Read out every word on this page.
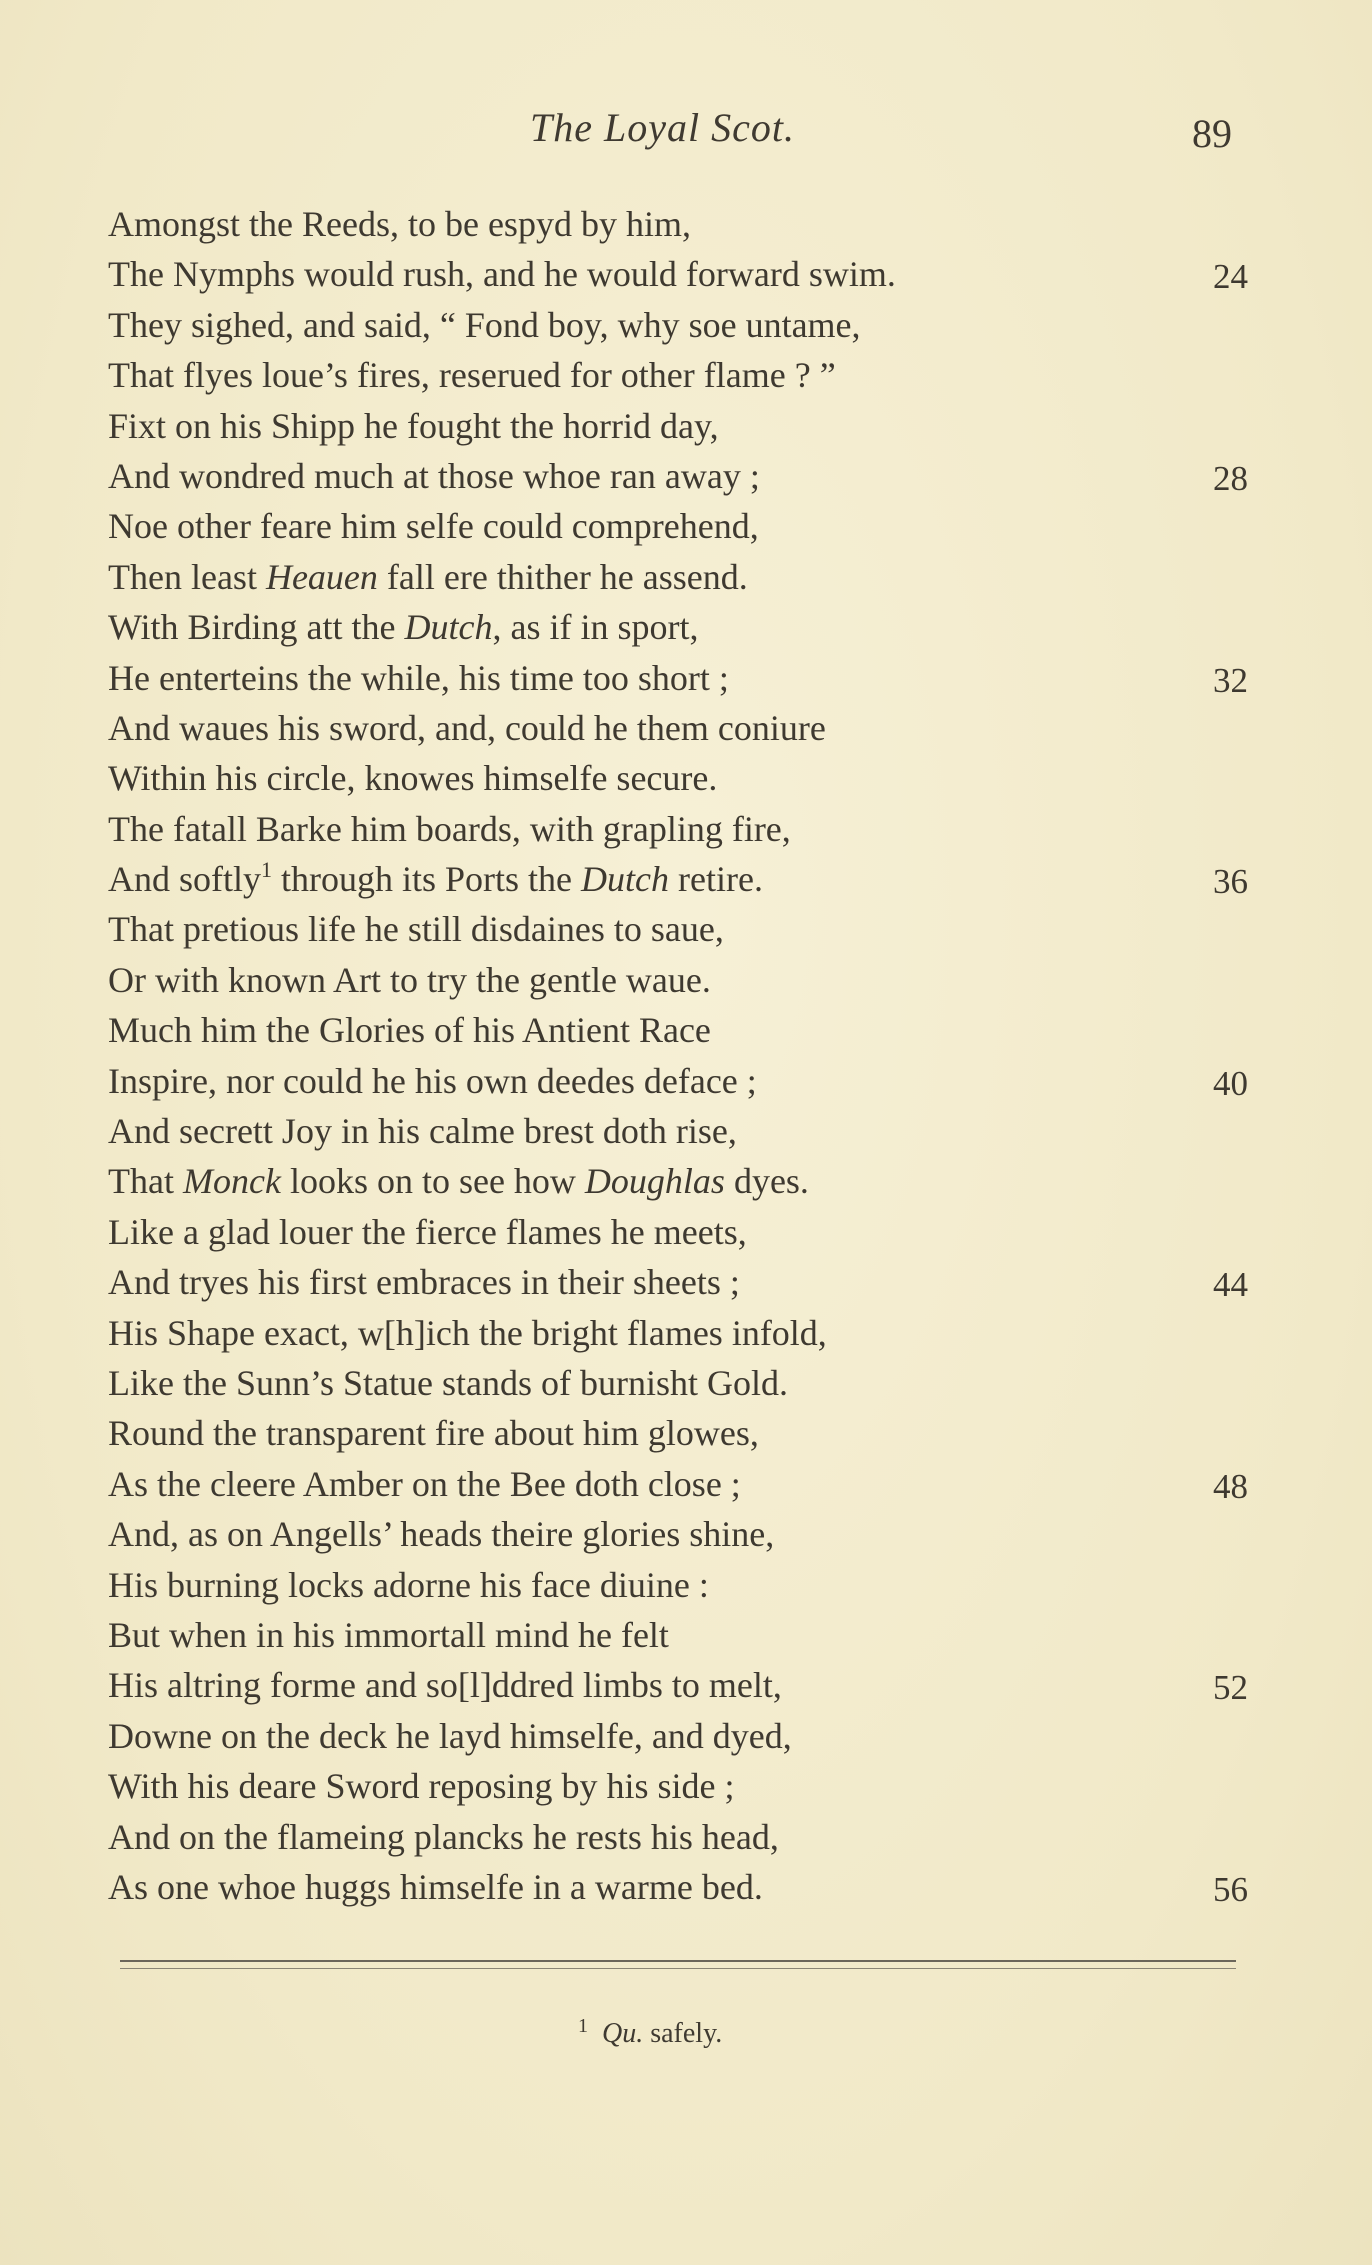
The Loyal Scot.	89
Amongst the Reeds, to be espyd by him,
The Nymphs would rush, and he would forward swim.	24
They sighed, and said, “ Fond boy, why soe untame,
That flyes loue’s fires, reserued for other flame ? ”
Fixt on his Shipp he fought the horrid day,
And wondred much at those whoe ran away ;	28
Noe other feare him selfe could comprehend,
Then least Heauen fall ere thither he assend.
With Birding att the Dutch, as if in sport,
He enterteins the while, his time too short ;	32
And waues his sword, and, could he them coniure
Within his circle, knowes himselfe secure.
The fatall Barke him boards, with grapling fire,
And softly$^1$ through its Ports the Dutch retire.	36
That pretious life he still disdaines to saue,
Or with known Art to try the gentle waue.
Much him the Glories of his Antient Race
Inspire, nor could he his own deedes deface ;	40
And secrett Joy in his calme brest doth rise,
That Monck looks on to see how Doughlas dyes.
Like a glad louer the fierce flames he meets,
And tryes his first embraces in their sheets ;	44
His Shape exact, w[h]ich the bright flames infold,
Like the Sunn’s Statue stands of burnisht Gold.
Round the transparent fire about him glowes,
As the cleere Amber on the Bee doth close ;	48
And, as on Angells’ heads theire glories shine,
His burning locks adorne his face diuine :
But when in his immortall mind he felt
His altring forme and so[l]ddred limbs to melt,	52
Downe on the deck he layd himselfe, and dyed,
With his deare Sword reposing by his side ;
And on the flameing plancks he rests his head,
As one whoe huggs himselfe in a warme bed.	56
$^1$ Qu. safely.
